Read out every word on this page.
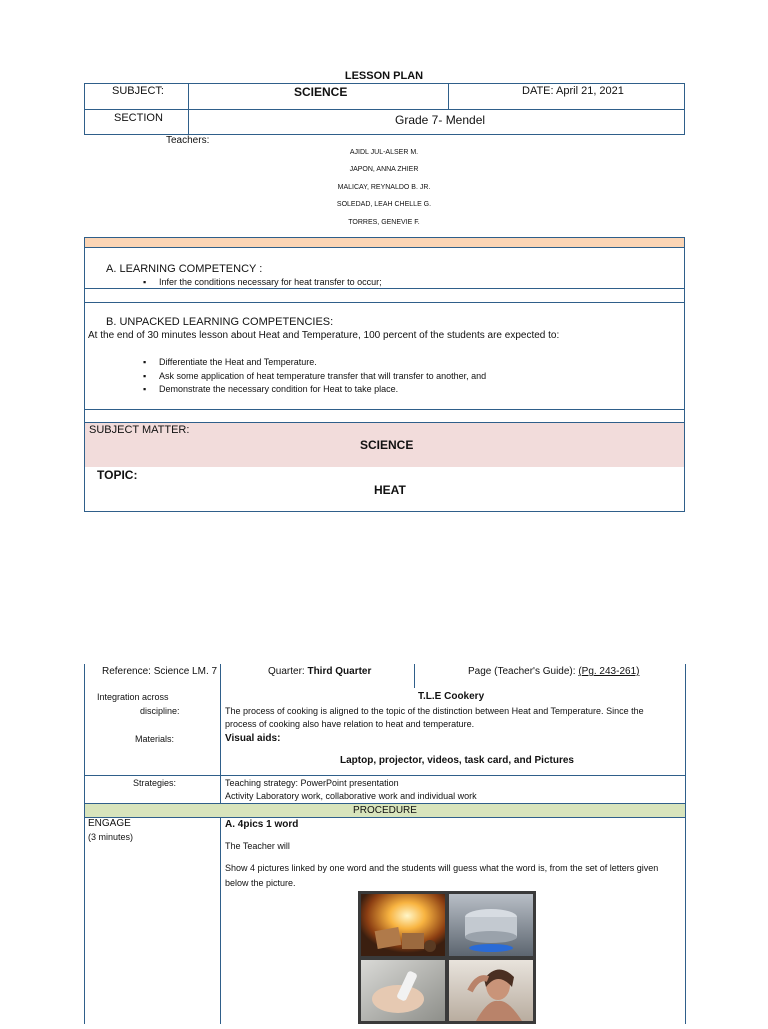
LESSON PLAN
SUBJECT:	SCIENCE	DATE: April 21, 2021
SECTION	Grade 7- Mendel
Teachers:
AJIDL JUL-ALSER M.
JAPON, ANNA ZHIER
MALICAY, REYNALDO B. JR.
SOLEDAD, LEAH CHELLE G.
TORRES, GENEVIE F.
A. LEARNING COMPETENCY :
▪ Infer the conditions necessary for heat transfer to occur;
B. UNPACKED LEARNING COMPETENCIES:
At the end of 30 minutes lesson about Heat and Temperature, 100 percent of the students are expected to:
▪ Differentiate the Heat and Temperature.
▪ Ask some application of heat temperature transfer that will transfer to another, and
▪ Demonstrate the necessary condition for Heat to take place.
SUBJECT MATTER:
SCIENCE
TOPIC:
HEAT
Reference: Science LM. 7	Quarter: Third Quarter	Page (Teacher's Guide): (Pg. 243-261)
Integration across
discipline:
T.L.E Cookery
The process of cooking is aligned to the topic of the distinction between Heat and Temperature. Since the
process of cooking also have relation to heat and temperature.
Materials:	Visual aids:
Laptop, projector, videos, task card, and Pictures
Strategies:	Teaching strategy: PowerPoint presentation
Activity Laboratory work, collaborative work and individual work
PROCEDURE
ENGAGE
(3 minutes)
A. 4pics 1 word
The Teacher will
Show 4 pictures linked by one word and the students will guess what the word is, from the set of letters given
below the picture.
